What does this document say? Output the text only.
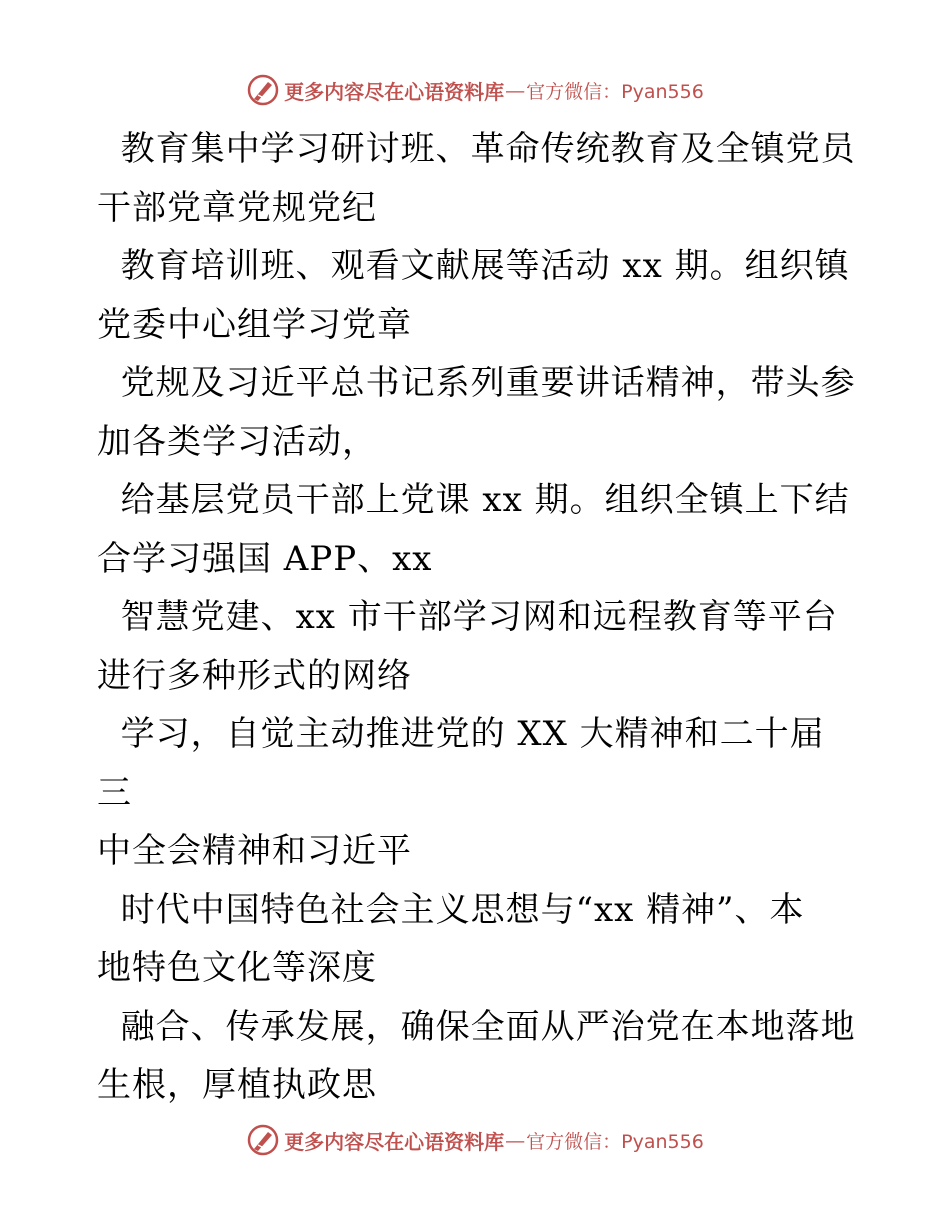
更多内容尽在心语资料库 — 官方微信：Pyan556

教育集中学习研讨班、革命传统教育及全镇党员
干部党章党规党纪

教育培训班、观看文献展等活动 xx 期。组织镇
党委中心组学习党章

党规及习近平总书记系列重要讲话精神，带头参
加各类学习活动，

给基层党员干部上党课 xx 期。组织全镇上下结
合学习强国 APP、xx

智慧党建、xx 市干部学习网和远程教育等平台
进行多种形式的网络

学习，自觉主动推进党的 XX 大精神和二十届三
中全会精神和习近平

时代中国特色社会主义思想与“xx 精神”、本
地特色文化等深度

融合、传承发展，确保全面从严治党在本地落地
生根，厚植执政思

更多内容尽在心语资料库 — 官方微信：Pyan556
